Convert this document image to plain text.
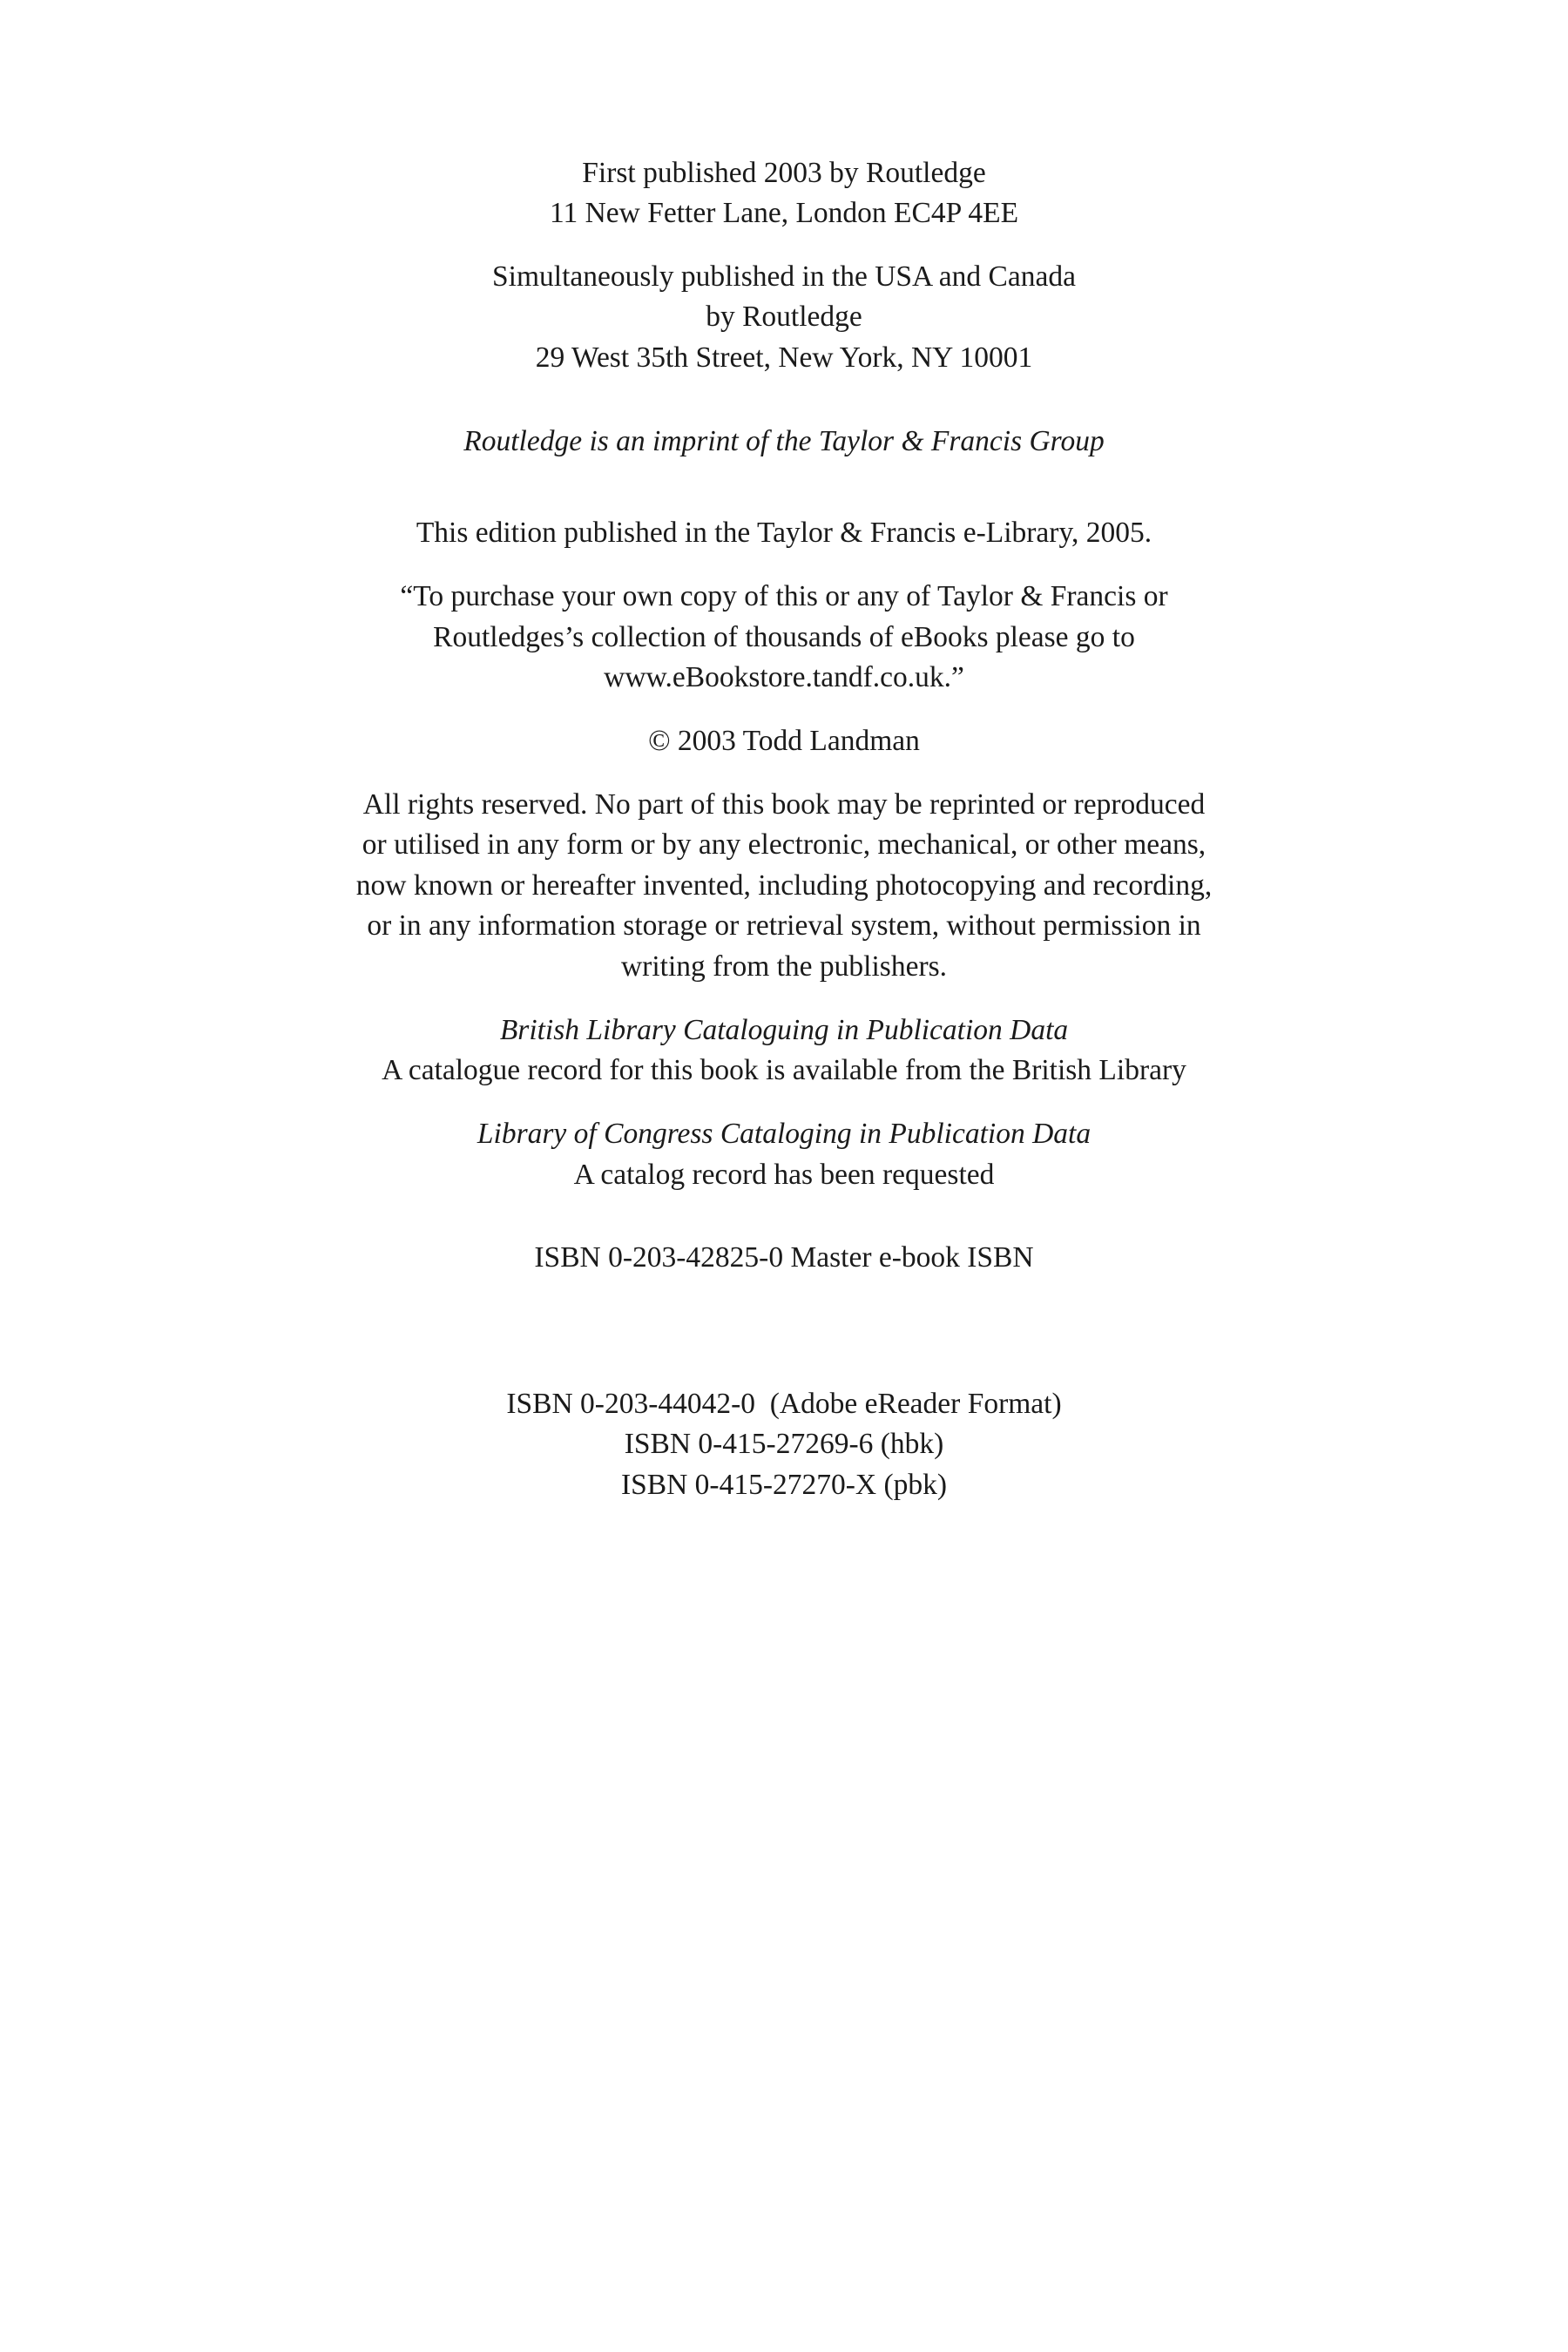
First published 2003 by Routledge
11 New Fetter Lane, London EC4P 4EE
Simultaneously published in the USA and Canada
by Routledge
29 West 35th Street, New York, NY 10001
Routledge is an imprint of the Taylor & Francis Group
This edition published in the Taylor & Francis e-Library, 2005.
“To purchase your own copy of this or any of Taylor & Francis or
Routledges’s collection of thousands of eBooks please go to
www.eBookstore.tandf.co.uk.”
© 2003 Todd Landman
All rights reserved. No part of this book may be reprinted or reproduced
or utilised in any form or by any electronic, mechanical, or other means,
now known or hereafter invented, including photocopying and recording,
or in any information storage or retrieval system, without permission in
writing from the publishers.
British Library Cataloguing in Publication Data
A catalogue record for this book is available from the British Library
Library of Congress Cataloging in Publication Data
A catalog record has been requested
ISBN 0-203-42825-0 Master e-book ISBN
ISBN 0-203-44042-0  (Adobe eReader Format)
ISBN 0-415-27269-6 (hbk)
ISBN 0-415-27270-X (pbk)
